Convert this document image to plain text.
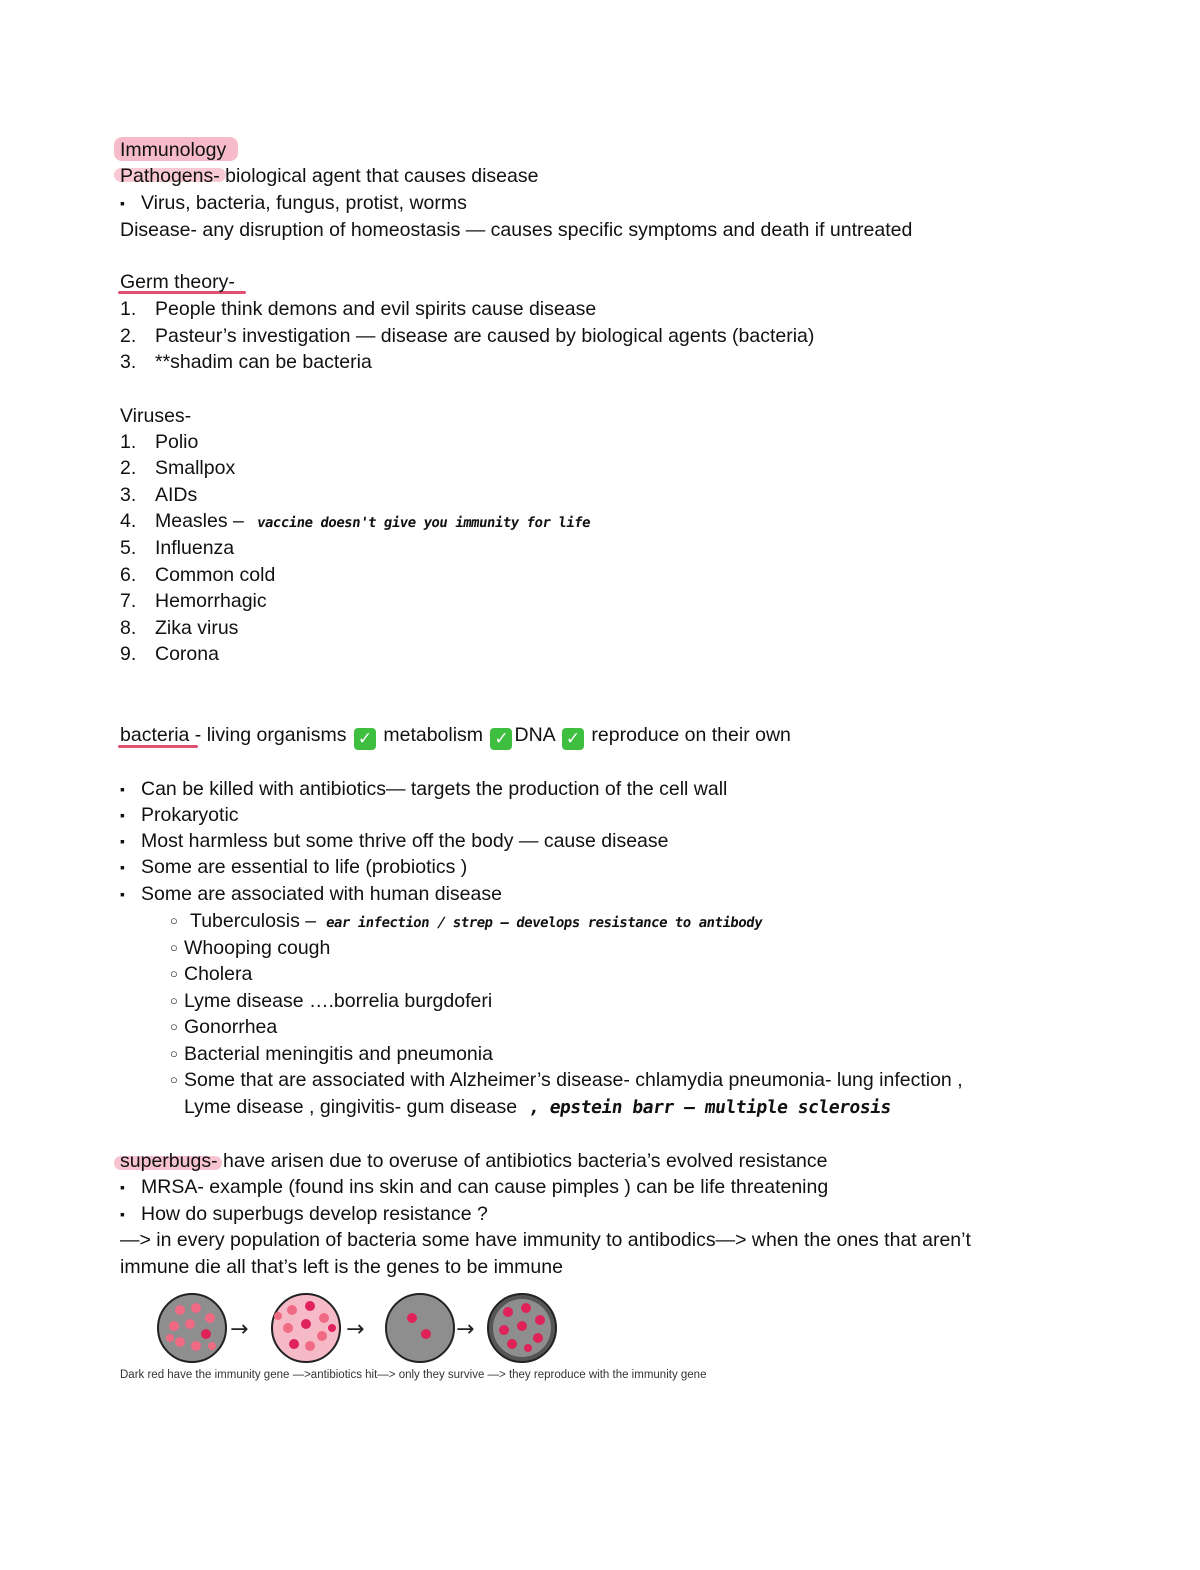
Immunology
Pathogens- biological agent that causes disease
▪ Virus, bacteria, fungus, protist, worms
Disease- any disruption of homeostasis — causes specific symptoms and death if untreated
Germ theory-
1. People think demons and evil spirits cause disease
2. Pasteur’s investigation — disease are caused by biological agents (bacteria)
3. **shadim can be bacteria
Viruses-
1. Polio
2. Smallpox
3. AIDs
4. Measles – vaccine doesn't give you immunity for life
5. Influenza
6. Common cold
7. Hemorrhagic
8. Zika virus
9. Corona
bacteria - living organisms ✓ metabolism ✓ DNA ✓ reproduce on their own
▪ Can be killed with antibiotics— targets the production of the cell wall
▪ Prokaryotic
▪ Most harmless but some thrive off the body — cause disease
▪ Some are essential to life (probiotics )
▪ Some are associated with human disease
○ Tuberculosis – ear infection / strep – develops resistance to antibody
○ Whooping cough
○ Cholera
○ Lyme disease ….borrelia burgdoferi
○ Gonorrhea
○ Bacterial meningitis and pneumonia
○ Some that are associated with Alzheimer’s disease- chlamydia pneumonia- lung infection ,
Lyme disease , gingivitis- gum disease , epstein barr – multiple sclerosis
superbugs- have arisen due to overuse of antibiotics bacteria’s evolved resistance
▪ MRSA- example (found ins skin and can cause pimples ) can be life threatening
▪ How do superbugs develop resistance ?
—> in every population of bacteria some have immunity to antibodics—> when the ones that aren’t
immune die all that’s left is the genes to be immune
→	→	→
Dark red have the immunity gene —>antibiotics hit—> only they survive —> they reproduce with the immunity gene
